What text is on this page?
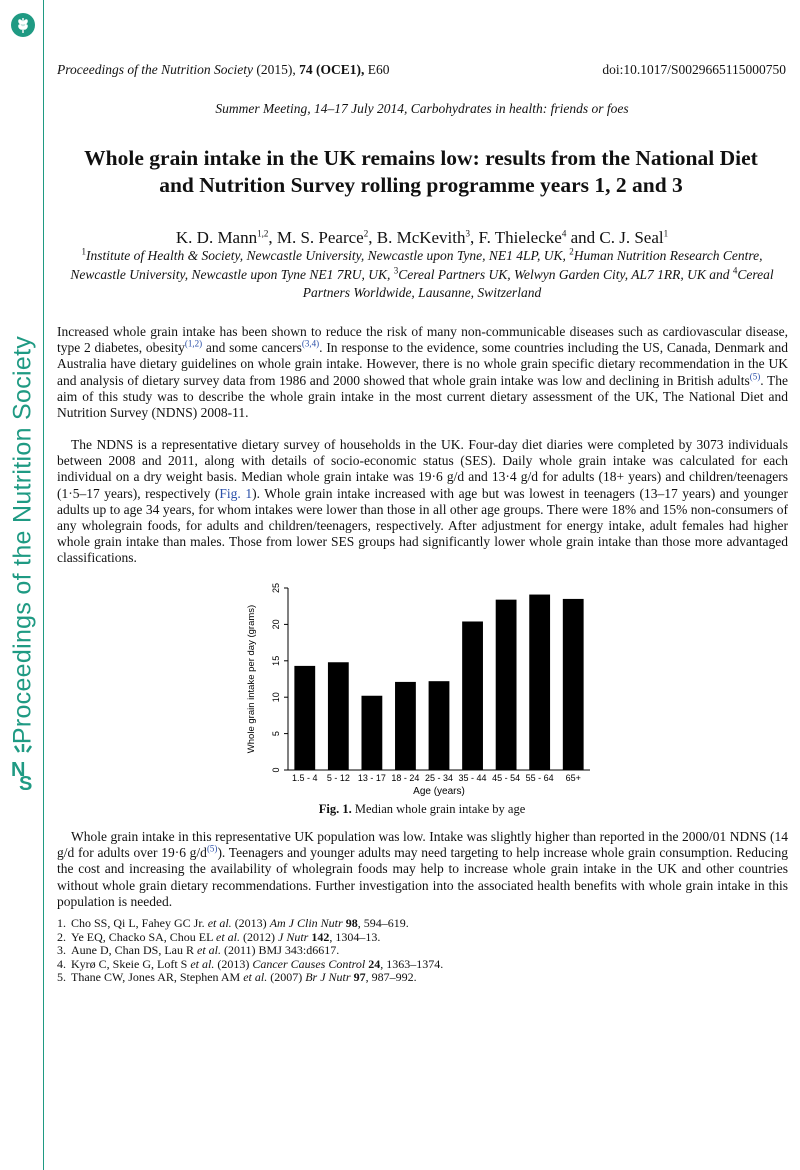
Proceedings of the Nutrition Society
N
S
Proceedings of the Nutrition Society (2015), 74 (OCE1), E60	doi:10.1017/S0029665115000750
Summer Meeting, 14–17 July 2014, Carbohydrates in health: friends or foes
Whole grain intake in the UK remains low: results from the National Diet
and Nutrition Survey rolling programme years 1, 2 and 3
K. D. Mann$^{1,2}$, M. S. Pearce$^2$, B. McKevith$^3$, F. Thielecke$^4$ and C. J. Seal$^1$
$^1$Institute of Health & Society, Newcastle University, Newcastle upon Tyne, NE1 4LP, UK, $^2$Human Nutrition Research Centre, Newcastle University, Newcastle upon Tyne NE1 7RU, UK, $^3$Cereal Partners UK, Welwyn Garden City, AL7 1RR, UK and $^4$Cereal Partners Worldwide, Lausanne, Switzerland
Increased whole grain intake has been shown to reduce the risk of many non-communicable diseases such as cardiovascular disease, type 2 diabetes, obesity$^{(1,2)}$ and some cancers$^{(3,4)}$. In response to the evidence, some countries including the US, Canada, Denmark and Australia have dietary guidelines on whole grain intake. However, there is no whole grain specific dietary recommendation in the UK and analysis of dietary survey data from 1986 and 2000 showed that whole grain intake was low and declining in British adults$^{(5)}$. The aim of this study was to describe the whole grain intake in the most current dietary assessment of the UK, The National Diet and Nutrition Survey (NDNS) 2008-11.
The NDNS is a representative dietary survey of households in the UK. Four-day diet diaries were completed by 3073 individuals between 2008 and 2011, along with details of socio-economic status (SES). Daily whole grain intake was calculated for each individual on a dry weight basis. Median whole grain intake was 19·6 g/d and 13·4 g/d for adults (18+ years) and children/teenagers (1·5–17 years), respectively (Fig. 1). Whole grain intake increased with age but was lowest in teenagers (13–17 years) and younger adults up to age 34 years, for whom intakes were lower than those in all other age groups. There were 18% and 15% non-consumers of any wholegrain foods, for adults and children/teenagers, respectively. After adjustment for energy intake, adult females had higher whole grain intake than males. Those from lower SES groups had significantly lower whole grain intake than those more advantaged classifications.
0
5
10
15
20
25
Whole grain intake per day (grams)
1.5 - 4 5 - 12 13 - 17 18 - 24 25 - 34 35 - 44 45 - 54 55 - 64 65+
Age (years)
Fig. 1. Median whole grain intake by age
Whole grain intake in this representative UK population was low. Intake was slightly higher than reported in the 2000/01 NDNS (14 g/d for adults over 19·6 g/d$^{(5)}$). Teenagers and younger adults may need targeting to help increase whole grain consumption. Reducing the cost and increasing the availability of wholegrain foods may help to increase whole grain intake in the UK and other countries without whole grain dietary recommendations. Further investigation into the associated health benefits with whole grain intake in this population is needed.
1. Cho SS, Qi L, Fahey GC Jr. et al. (2013) Am J Clin Nutr 98, 594–619.
2. Ye EQ, Chacko SA, Chou EL et al. (2012) J Nutr 142, 1304–13.
3. Aune D, Chan DS, Lau R et al. (2011) BMJ 343:d6617.
4. Kyrø C, Skeie G, Loft S et al. (2013) Cancer Causes Control 24, 1363–1374.
5. Thane CW, Jones AR, Stephen AM et al. (2007) Br J Nutr 97, 987–992.
